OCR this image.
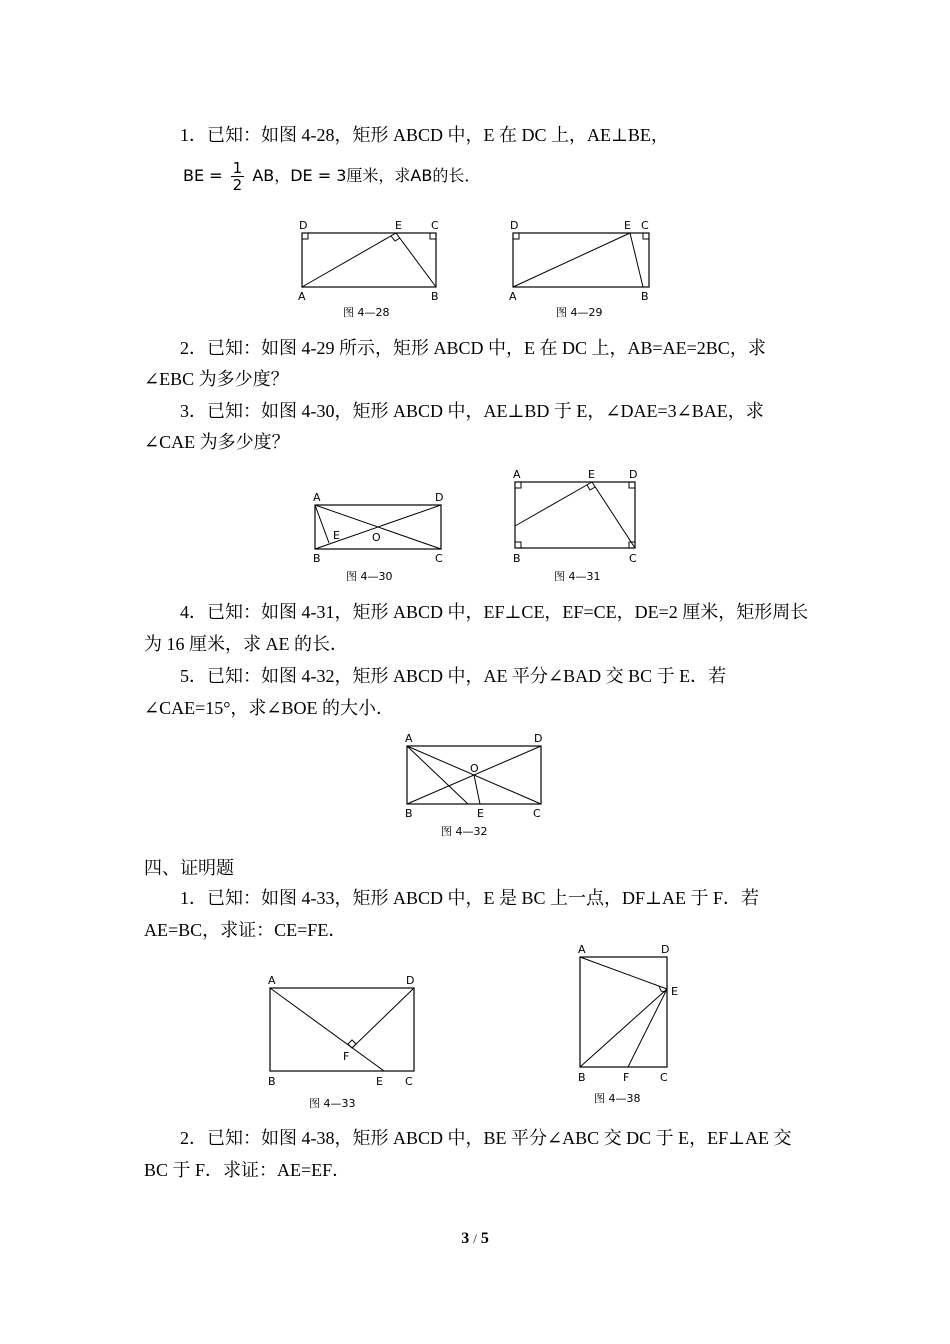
1．已知：如图 4-28，矩形 ABCD 中，E 在 DC 上，AE⊥BE，
BE = $\frac{1}{2}$ AB，DE = 3厘米，求AB的长．
D	E	C
A	B
图 4—28
D	E C
A	B
图 4—29
2．已知：如图 4-29 所示，矩形 ABCD 中，E 在 DC 上，AB=AE=2BC，求
∠EBC 为多少度？
3．已知：如图 4-30，矩形 ABCD 中，AE⊥BD 于 E，∠DAE=3∠BAE，求
∠CAE 为多少度？
A	D
E	O
B	C
图 4—30
A	E	D
B	C
图 4—31
4．已知：如图 4-31，矩形 ABCD 中，EF⊥CE，EF=CE，DE=2 厘米，矩形周长
为 16 厘米，求 AE 的长．
5．已知：如图 4-32，矩形 ABCD 中，AE 平分∠BAD 交 BC 于 E．若
∠CAE=15°，求∠BOE 的大小．
A	D
O
B	E	C
图 4—32
四、证明题
1．已知：如图 4-33，矩形 ABCD 中，E 是 BC 上一点，DF⊥AE 于 F．若
AE=BC，求证：CE=FE．
A	D
F
B	E C
图 4—33
A	D
E
B	F	C
图 4—38
2．已知：如图 4-38，矩形 ABCD 中，BE 平分∠ABC 交 DC 于 E，EF⊥AE 交
BC 于 F．求证：AE=EF．
3 / 5
